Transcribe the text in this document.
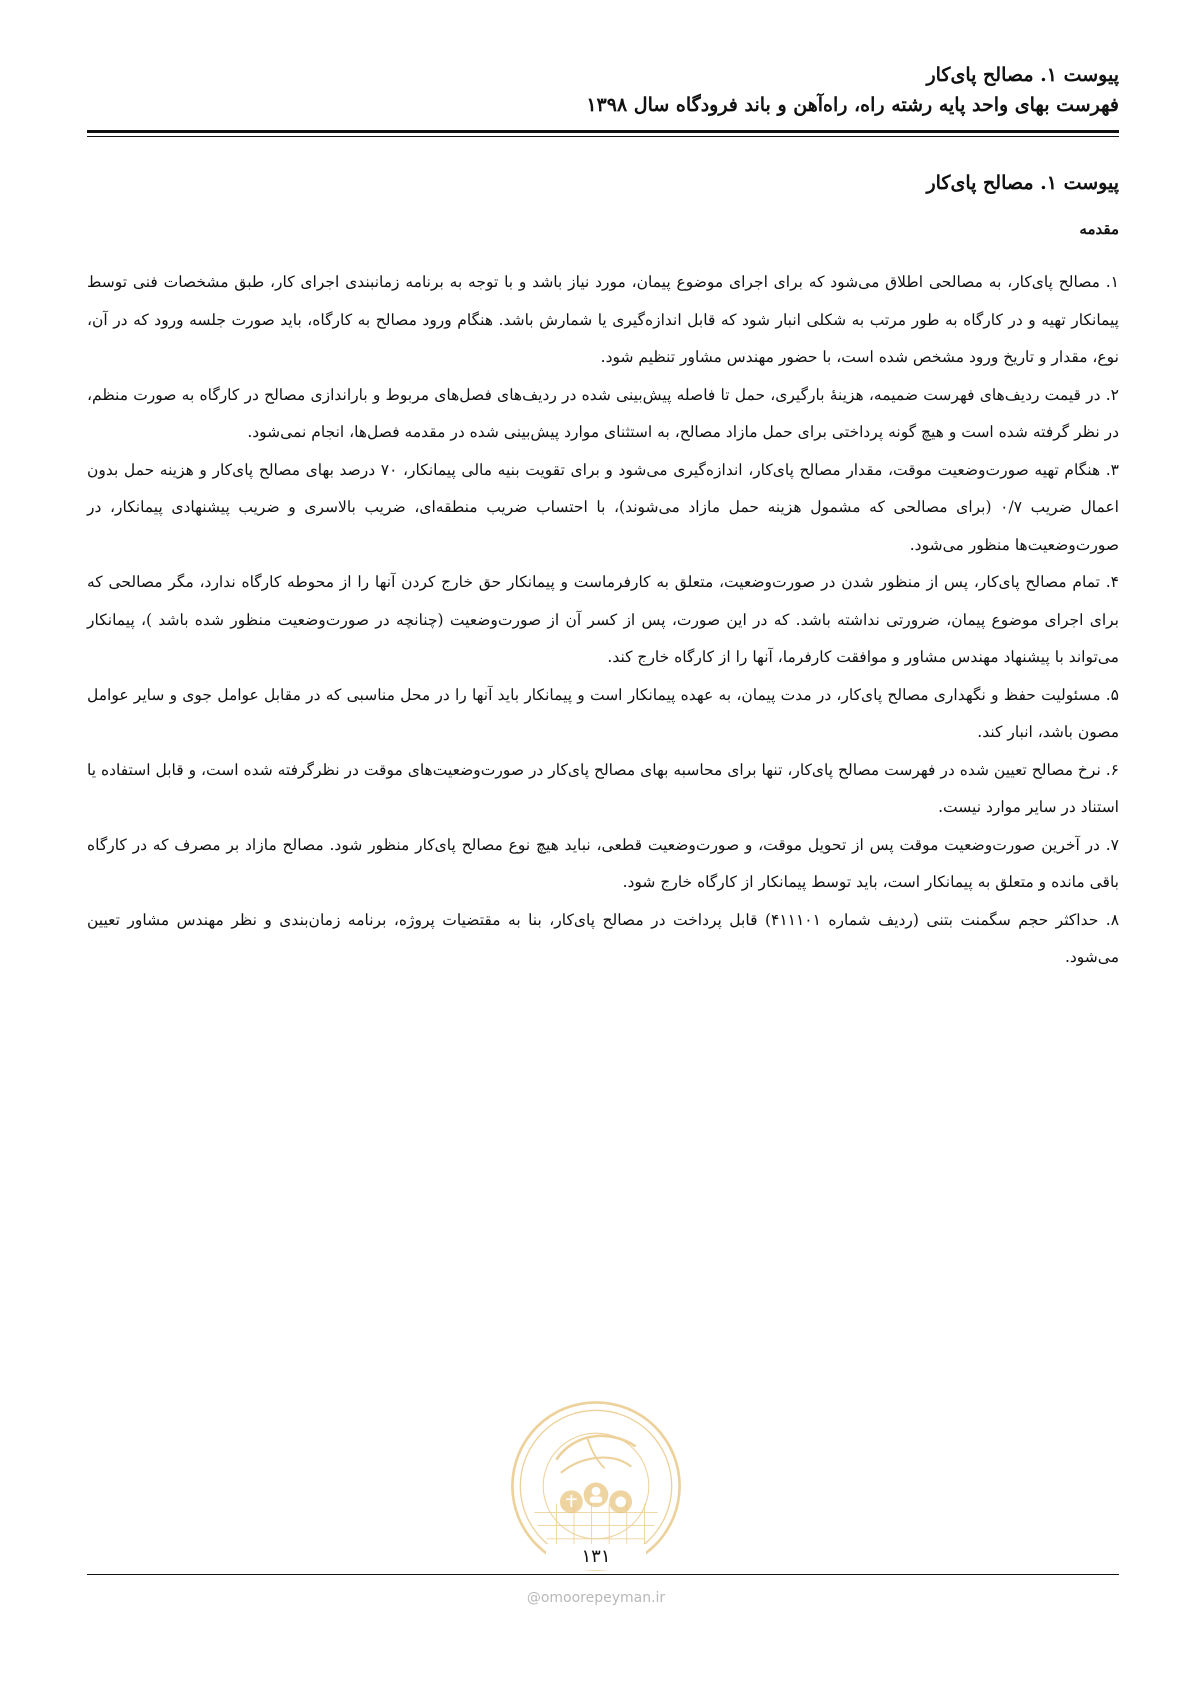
پیوست ۱. مصالح پای‌کار
فهرست بهای واحد پایه رشته راه، راه‌آهن و باند فرودگاه سال ۱۳۹۸
پیوست ۱. مصالح پای‌کار
مقدمه

۱. مصالح پای‌کار، به مصالحی اطلاق می‌شود که برای اجرای موضوع پیمان، مورد نیاز باشد و با توجه به برنامه زمانبندی اجرای کار، طبق مشخصات فنی توسط پیمانکار تهیه و در کارگاه به طور مرتب به شکلی انبار شود که قابل اندازه‌گیری یا شمارش باشد. هنگام ورود مصالح به کارگاه، باید صورت جلسه ورود که در آن، نوع، مقدار و تاریخ ورود مشخص شده است، با حضور مهندس مشاور تنظیم شود.

۲. در قیمت ردیف‌های فهرست ضمیمه، هزینهٔ بارگیری، حمل تا فاصله پیش‌بینی شده در ردیف‌های فصل‌های مربوط و باراندازی مصالح در کارگاه به صورت منظم، در نظر گرفته شده است و هیچ گونه پرداختی برای حمل مازاد مصالح، به استثنای موارد پیش‌بینی شده در مقدمه فصل‌ها، انجام نمی‌شود.

۳. هنگام تهیه صورت‌وضعیت موقت، مقدار مصالح پای‌کار، اندازه‌گیری می‌شود و برای تقویت بنیه مالی پیمانکار، ۷۰ درصد بهای مصالح پای‌کار و هزینه حمل بدون اعمال ضریب ۰/۷ (برای مصالحی که مشمول هزینه حمل مازاد می‌شوند)، با احتساب ضریب منطقه‌ای، ضریب بالاسری و ضریب پیشنهادی پیمانکار، در صورت‌وضعیت‌ها منظور می‌شود.

۴. تمام مصالح پای‌کار، پس از منظور شدن در صورت‌وضعیت، متعلق به کارفرماست و پیمانکار حق خارج کردن آنها را از محوطه کارگاه ندارد، مگر مصالحی که برای اجرای موضوع پیمان، ضرورتی نداشته باشد. که در این صورت، پس از کسر آن از صورت‌وضعیت (چنانچه در صورت‌وضعیت منظور شده باشد )، پیمانکار می‌تواند با پیشنهاد مهندس مشاور و موافقت کارفرما، آنها را از کارگاه خارج کند.

۵. مسئولیت حفظ و نگهداری مصالح پای‌کار، در مدت پیمان، به عهده پیمانکار است و پیمانکار باید آنها را در محل مناسبی که در مقابل عوامل جوی و سایر عوامل مصون باشد، انبار کند.

۶. نرخ مصالح تعیین شده در فهرست مصالح پای‌کار، تنها برای محاسبه بهای مصالح پای‌کار در صورت‌وضعیت‌های موقت در نظرگرفته شده است، و قابل استفاده یا استناد در سایر موارد نیست.

۷. در آخرین صورت‌وضعیت موقت پس از تحویل موقت، و صورت‌وضعیت قطعی، نباید هیچ نوع مصالح پای‌کار منظور شود. مصالح مازاد بر مصرف که در کارگاه باقی مانده و متعلق به پیمانکار است، باید توسط پیمانکار از کارگاه خارج شود.

۸. حداکثر حجم سگمنت بتنی (ردیف شماره ۴۱۱۱۰۱) قابل پرداخت در مصالح پای‌کار، بنا به مقتضیات پروژه، برنامه زمان‌بندی و نظر مهندس مشاور تعیین می‌شود.

۱۳۱
@omoorepeyman.ir
